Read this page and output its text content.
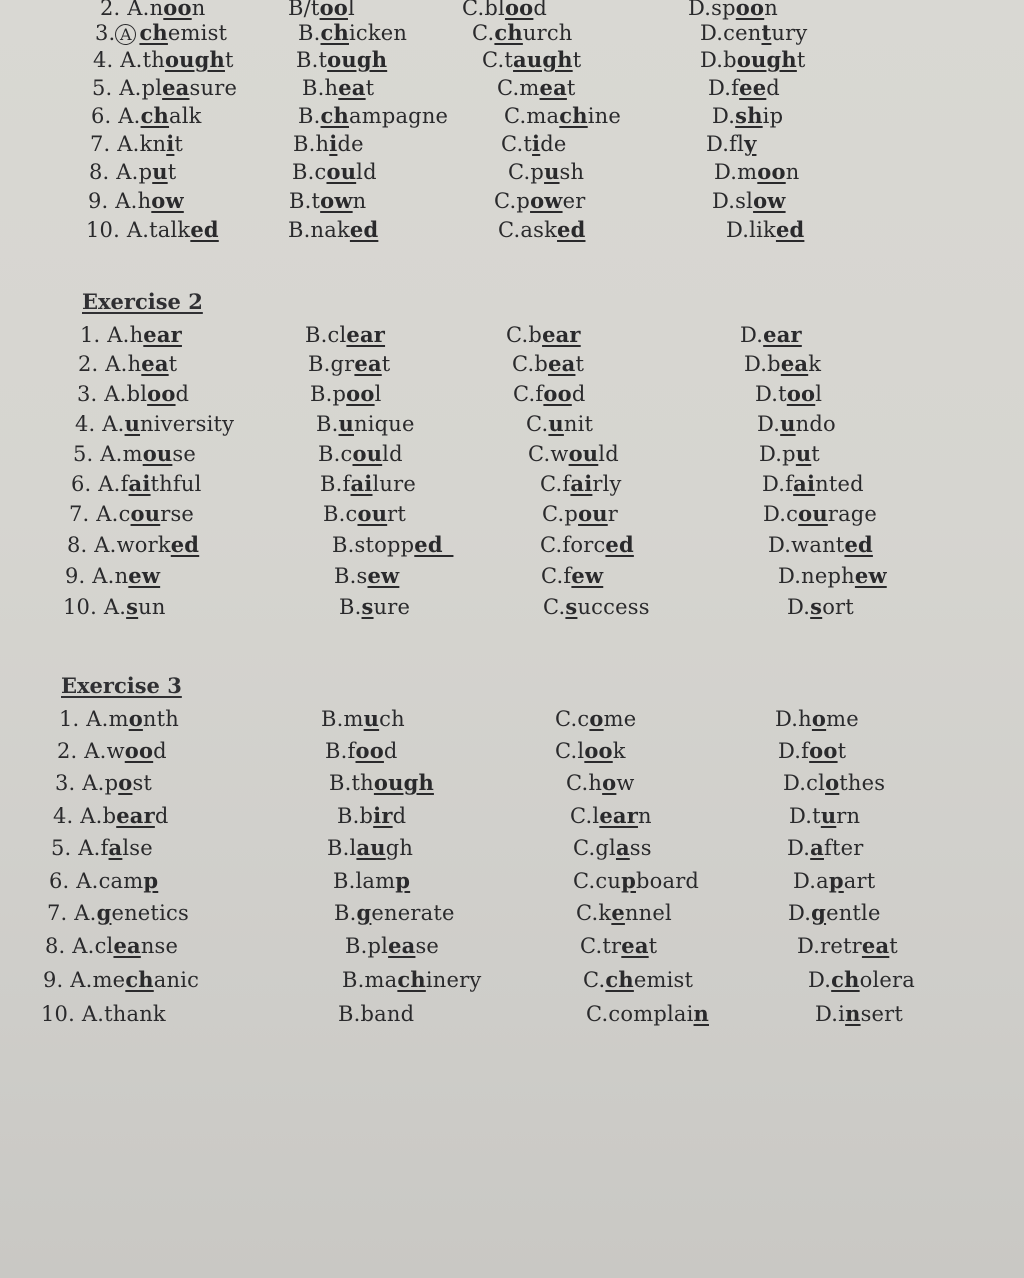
Exercise 2
Exercise 3
2. A.noon	B/tool	C.blood	D.spoon
3. A chemist	B.chicken	C.church	D.century
4. A.thought	B.tough	C.taught	D.bought
5. A.pleasure	B.heat	C.meat	D.feed
6. A.chalk	B.champagne	C.machine	D.ship
7. A.knit	B.hide	C.tide	D.fly
8. A.put	B.could	C.push	D.moon
9. A.how	B.town	C.power	D.slow
10. A.talked	B.naked	C.asked	D.liked
1. A.hear	B.clear	C.bear	D.ear
2. A.heat	B.great	C.beat	D.beak
3. A.blood	B.pool	C.food	D.tool
4. A.university	B.unique	C.unit	D.undo
5. A.mouse	B.could	C.would	D.put
6. A.faithful	B.failure	C.fairly	D.fainted
7. A.course	B.court	C.pour	D.courage
8. A.worked	B.stopped_	C.forced	D.wanted
9. A.new	B.sew	C.few	D.nephew
10. A.sun	B.sure	C.success	D.sort
1. A.month	B.much	C.come	D.home
2. A.wood	B.food	C.look	D.foot
3. A.post	B.though	C.how	D.clothes
4. A.beard	B.bird	C.learn	D.turn
5. A.false	B.laugh	C.glass	D.after
6. A.camp	B.lamp	C.cupboard	D.apart
7. A.genetics	B.generate	C.kennel	D.gentle
8. A.cleanse	B.please	C.treat	D.retreat
9. A.mechanic	B.machinery	C.chemist	D.cholera
10. A.thank	B.band	C.complain	D.insert
